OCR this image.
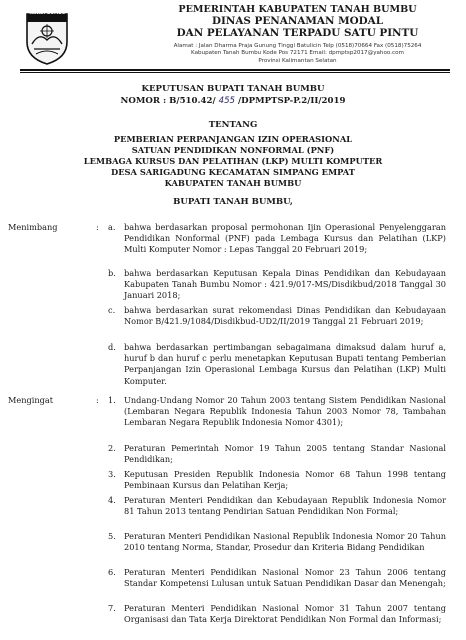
TANAH BUMBU	PEMERINTAH KABUPATEN TANAH BUMBU
DINAS PENANAMAN MODAL
DAN PELAYANAN TERPADU SATU PINTU
Alamat : Jalan Dharma Praja Gunung Tinggi Batulicin Telp (0518)70664 Fax (0518)75264
Kabupaten Tanah Bumbu Kode Pos 72171 Email: dpmptsp2017@yahoo.com
Provinsi Kalimantan Selatan
KEPUTUSAN BUPATI TANAH BUMBU
NOMOR : B/510.42/ 455 /DPMPTSP-P.2/II/2019
TENTANG
PEMBERIAN PERPANJANGAN IZIN OPERASIONAL
SATUAN PENDIDIKAN NONFORMAL (PNF)
LEMBAGA KURSUS DAN PELATIHAN (LKP) MULTI KOMPUTER
DESA SARIGADUNG KECAMATAN SIMPANG EMPAT
KABUPATEN TANAH BUMBU
BUPATI TANAH BUMBU,
Menimbang	: a. bahwa berdasarkan proposal permohonan Ijin Operasional Penyelenggaran Pendidikan Nonformal (PNF) pada Lembaga Kursus dan Pelatihan (LKP) Multi Komputer Nomor : Lepas Tanggal 20 Februari 2019;
b. bahwa berdasarkan Keputusan Kepala Dinas Pendidikan dan Kebudayaan Kabupaten Tanah Bumbu Nomor : 421.9/017-MS/Disdikbud/2018 Tanggal 30 Januari 2018;
c. bahwa berdasarkan surat rekomendasi Dinas Pendidikan dan Kebudayaan Nomor B/421.9/1084/Disdikbud-UD2/II/2019 Tanggal 21 Februari 2019;
d. bahwa berdasarkan pertimbangan sebagaimana dimaksud dalam huruf a, huruf b dan huruf c perlu menetapkan Keputusan Bupati tentang Pemberian Perpanjangan Izin Operasional Lembaga Kursus dan Pelatihan (LKP) Multi Komputer.
Mengingat	: 1. Undang-Undang Nomor 20 Tahun 2003 tentang Sistem Pendidikan Nasional (Lembaran Negara Republik Indonesia Tahun 2003 Nomor 78, Tambahan Lembaran Negara Republik Indonesia Nomor 4301);
2. Peraturan Pemerintah Nomor 19 Tahun 2005 tentang Standar Nasional Pendidikan;
3. Keputusan Presiden Republik Indonesia Nomor 68 Tahun 1998 tentang Pembinaan Kursus dan Pelatihan Kerja;
4. Peraturan Menteri Pendidikan dan Kebudayaan Republik Indonesia Nomor 81 Tahun 2013 tentang Pendirian Satuan Pendidikan Non Formal;
5. Peraturan Menteri Pendidikan Nasional Republik Indonesia Nomor 20 Tahun 2010 tentang Norma, Standar, Prosedur dan Kriteria Bidang Pendidikan
6. Peraturan Menteri Pendidikan Nasional Nomor 23 Tahun 2006 tentang Standar Kompetensi Lulusan untuk Satuan Pendidikan Dasar dan Menengah;
7. Peraturan Menteri Pendidikan Nasional Nomor 31 Tahun 2007 tentang Organisasi dan Tata Kerja Direktorat Pendidikan Non Formal dan Informasi;
